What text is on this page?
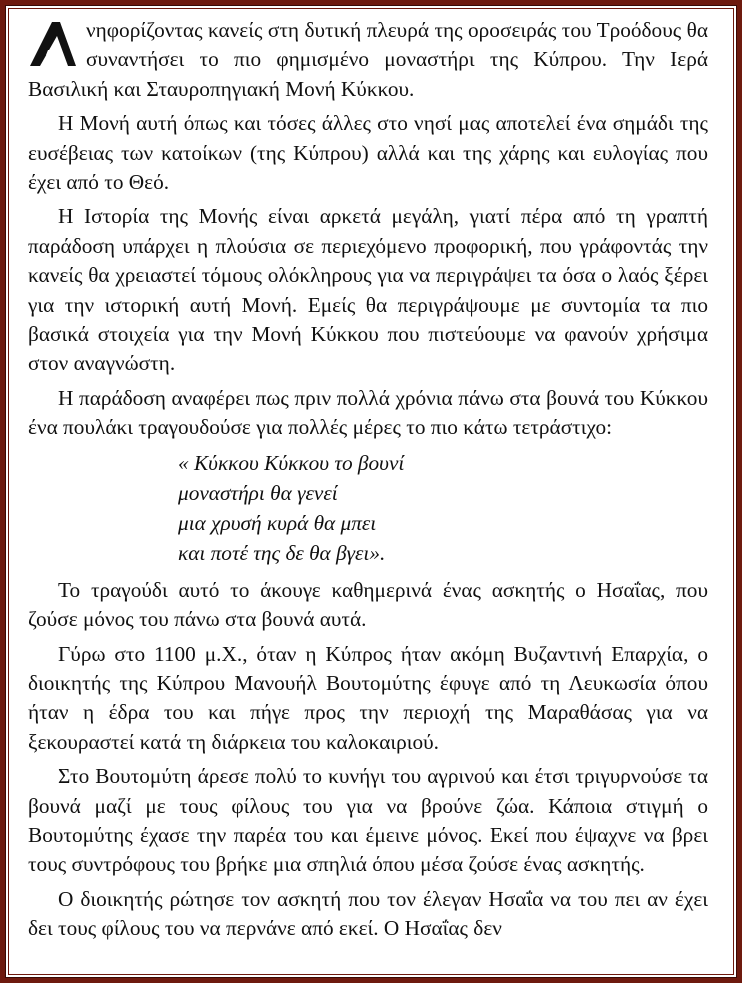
νηφορίζοντας κανείς στη δυτική πλευρά της οροσειράς του Τροόδους θα συναντήσει το πιο φημισμένο μοναστήρι της Κύπρου. Την Ιερά Βασιλική και Σταυροπηγιακή Μονή Κύκκου.

Η Μονή αυτή όπως και τόσες άλλες στο νησί μας αποτελεί ένα σημάδι της ευσέβειας των κατοίκων (της Κύπρου) αλλά και της χάρης και ευλογίας που έχει από το Θεό.

Η Ιστορία της Μονής είναι αρκετά μεγάλη, γιατί πέρα από τη γραπτή παράδοση υπάρχει η πλούσια σε περιεχόμενο προφορική, που γράφοντάς την κανείς θα χρειαστεί τόμους ολόκληρους για να περιγράψει τα όσα ο λαός ξέρει για την ιστορική αυτή Μονή. Εμείς θα περιγράψουμε με συντομία τα πιο βασικά στοιχεία για την Μονή Κύκκου που πιστεύουμε να φανούν χρήσιμα στον αναγνώστη.

Η παράδοση αναφέρει πως πριν πολλά χρόνια πάνω στα βουνά του Κύκκου ένα πουλάκι τραγουδούσε για πολλές μέρες το πιο κάτω τετράστιχο:

« Κύκκου Κύκκου το βουνί
μοναστήρι θα γενεί
μια χρυσή κυρά θα μπει
και ποτέ της δε θα βγει».

Το τραγούδι αυτό το άκουγε καθημερινά ένας ασκητής ο Ησαΐας, που ζούσε μόνος του πάνω στα βουνά αυτά.

Γύρω στο 1100 μ.Χ., όταν η Κύπρος ήταν ακόμη Βυζαντινή Επαρχία, ο διοικητής της Κύπρου Μανουήλ Βουτομύτης έφυγε από τη Λευκωσία όπου ήταν η έδρα του και πήγε προς την περιοχή της Μαραθάσας για να ξεκουραστεί κατά τη διάρκεια του καλοκαιριού.

Στο Βουτομύτη άρεσε πολύ το κυνήγι του αγρινού και έτσι τριγυρνούσε τα βουνά μαζί με τους φίλους του για να βρούνε ζώα. Κάποια στιγμή ο Βουτομύτης έχασε την παρέα του και έμεινε μόνος. Εκεί που έψαχνε να βρει τους συντρόφους του βρήκε μια σπηλιά όπου μέσα ζούσε ένας ασκητής.

Ο διοικητής ρώτησε τον ασκητή που τον έλεγαν Ησαΐα να του πει αν έχει δει τους φίλους του να περνάνε από εκεί. Ο Ησαΐας δεν
